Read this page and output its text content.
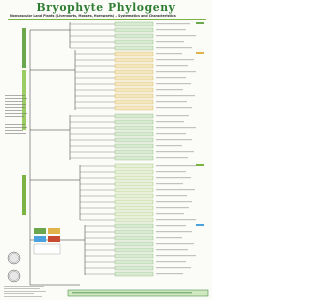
Bryophyte Phylogeny
Nonvascular Land Plants (Liverworts, Mosses, Hornworts) – Systematics and Characteristics
